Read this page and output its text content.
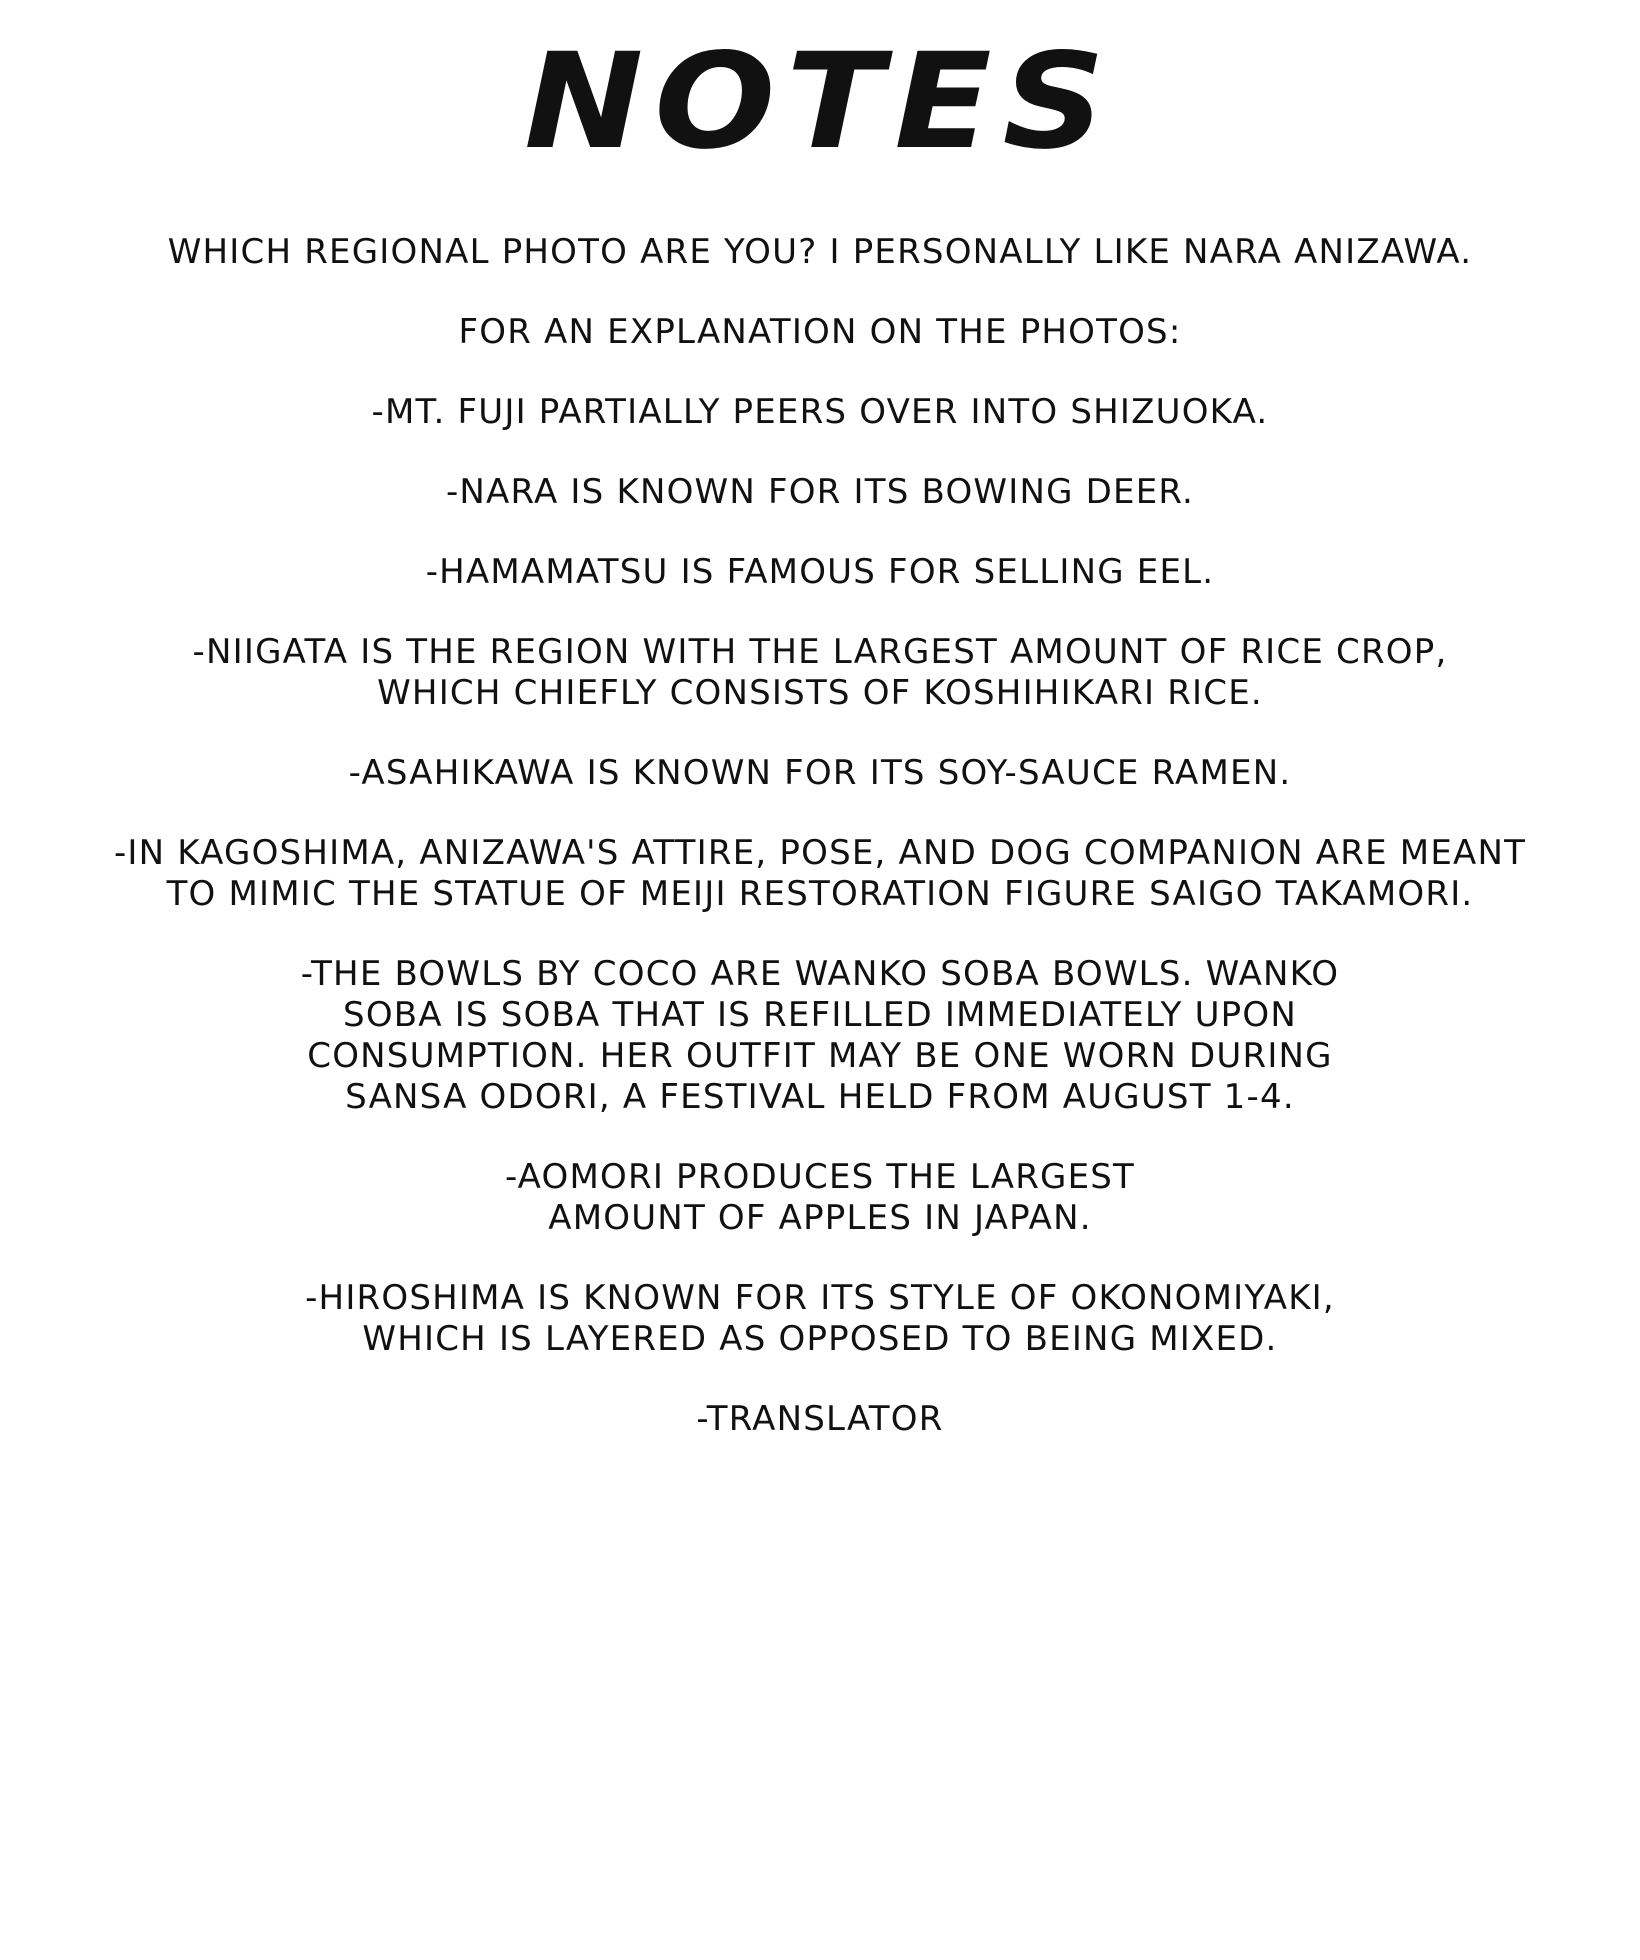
NOTES
WHICH REGIONAL PHOTO ARE YOU? I PERSONALLY LIKE NARA ANIZAWA.
FOR AN EXPLANATION ON THE PHOTOS:
-MT. FUJI PARTIALLY PEERS OVER INTO SHIZUOKA.
-NARA IS KNOWN FOR ITS BOWING DEER.
-HAMAMATSU IS FAMOUS FOR SELLING EEL.
-NIIGATA IS THE REGION WITH THE LARGEST AMOUNT OF RICE CROP,
WHICH CHIEFLY CONSISTS OF KOSHIHIKARI RICE.
-ASAHIKAWA IS KNOWN FOR ITS SOY-SAUCE RAMEN.
-IN KAGOSHIMA, ANIZAWA'S ATTIRE, POSE, AND DOG COMPANION ARE MEANT
TO MIMIC THE STATUE OF MEIJI RESTORATION FIGURE SAIGO TAKAMORI.
-THE BOWLS BY COCO ARE WANKO SOBA BOWLS. WANKO
SOBA IS SOBA THAT IS REFILLED IMMEDIATELY UPON
CONSUMPTION. HER OUTFIT MAY BE ONE WORN DURING
SANSA ODORI, A FESTIVAL HELD FROM AUGUST 1-4.
-AOMORI PRODUCES THE LARGEST
AMOUNT OF APPLES IN JAPAN.
-HIROSHIMA IS KNOWN FOR ITS STYLE OF OKONOMIYAKI,
WHICH IS LAYERED AS OPPOSED TO BEING MIXED.
-TRANSLATOR
